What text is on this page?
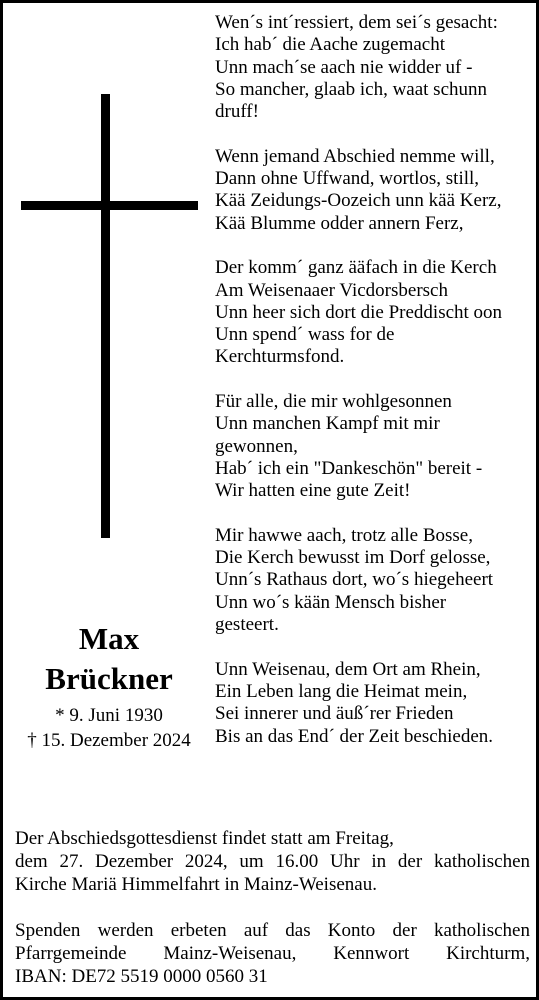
Max
Brückner
* 9. Juni 1930
† 15. Dezember 2024
Wen´s int´ressiert, dem sei´s gesacht:
Ich hab´ die Aache zugemacht
Unn mach´se aach nie widder uf -
So mancher, glaab ich, waat schunn
druff!
Wenn jemand Abschied nemme will,
Dann ohne Uffwand, wortlos, still,
Kää Zeidungs-Oozeich unn kää Kerz,
Kää Blumme odder annern Ferz,
Der komm´ ganz ääfach in die Kerch
Am Weisenaaer Vicdorsbersch
Unn heer sich dort die Preddischt oon
Unn spend´ wass for de
Kerchturmsfond.
Für alle, die mir wohlgesonnen
Unn manchen Kampf mit mir
gewonnen,
Hab´ ich ein "Dankeschön" bereit -
Wir hatten eine gute Zeit!
Mir hawwe aach, trotz alle Bosse,
Die Kerch bewusst im Dorf gelosse,
Unn´s Rathaus dort, wo´s hiegeheert
Unn wo´s kään Mensch bisher
gesteert.
Unn Weisenau, dem Ort am Rhein,
Ein Leben lang die Heimat mein,
Sei innerer und äuß´rer Frieden
Bis an das End´ der Zeit beschieden.
Der Abschiedsgottesdienst findet statt am Freitag,
dem 27. Dezember 2024, um 16.00 Uhr in der katholischen
Kirche Mariä Himmelfahrt in Mainz-Weisenau.
Spenden werden erbeten auf das Konto der katholischen
Pfarrgemeinde Mainz-Weisenau, Kennwort Kirchturm,
IBAN: DE72 5519 0000 0560 31
